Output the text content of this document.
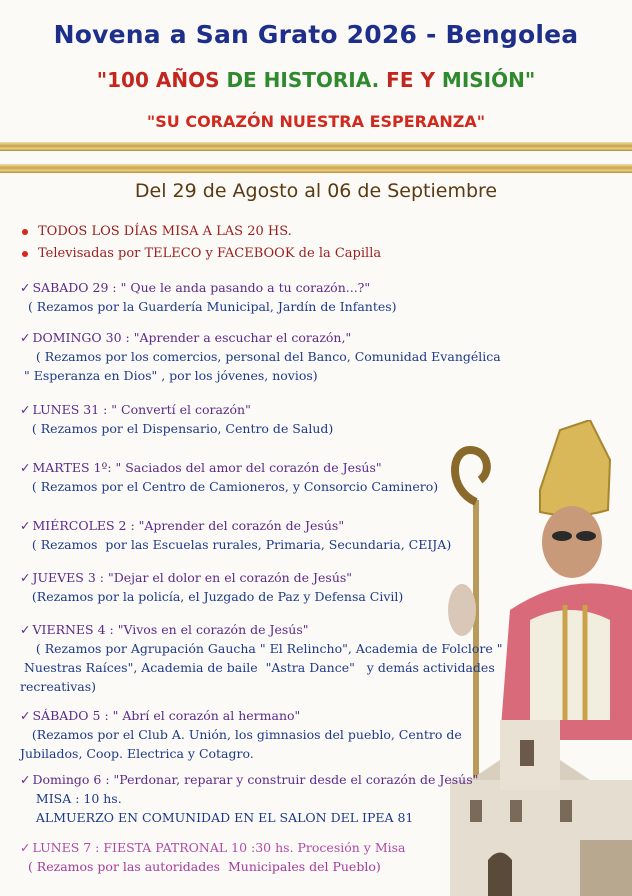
Novena a San Grato 2026 - Bengolea
"100 AÑOS DE HISTORIA. FE Y MISIÓN"
"SU CORAZÓN NUESTRA ESPERANZA"
Del 29 de Agosto al 06 de Septiembre
TODOS LOS DÍAS MISA A LAS 20 HS.
Televisadas por TELECO y FACEBOOK de la Capilla
✓ SABADO 29 : " Que le anda pasando a tu corazón...?"
( Rezamos por la Guardería Municipal, Jardín de Infantes)
✓ DOMINGO 30 : "Aprender a escuchar el corazón,"
( Rezamos por los comercios, personal del Banco, Comunidad Evangélica
" Esperanza en Dios" , por los jóvenes, novios)
✓ LUNES 31 : " Convertí el corazón"
( Rezamos por el Dispensario, Centro de Salud)
✓ MARTES 1º: " Saciados del amor del corazón de Jesús"
( Rezamos por el Centro de Camioneros, y Consorcio Caminero)
✓ MIÉRCOLES 2 : "Aprender del corazón de Jesús"
( Rezamos  por las Escuelas rurales, Primaria, Secundaria, CEIJA)
✓ JUEVES 3 : "Dejar el dolor en el corazón de Jesús"
(Rezamos por la policía, el Juzgado de Paz y Defensa Civil)
✓ VIERNES 4 : "Vivos en el corazón de Jesús"
( Rezamos por Agrupación Gaucha " El Relincho", Academia de Folclore "
Nuestras Raíces", Academia de baile  "Astra Dance"   y demás actividades
recreativas)
✓ SÁBADO 5 : " Abrí el corazón al hermano"
(Rezamos por el Club A. Unión, los gimnasios del pueblo, Centro de
Jubilados, Coop. Electrica y Cotagro.
✓ Domingo 6 : "Perdonar, reparar y construir desde el corazón de Jesús"
MISA : 10 hs.
ALMUERZO EN COMUNIDAD EN EL SALON DEL IPEA 81
✓ LUNES 7 : FIESTA PATRONAL 10 :30 hs. Procesión y Misa
( Rezamos por las autoridades  Municipales del Pueblo)
